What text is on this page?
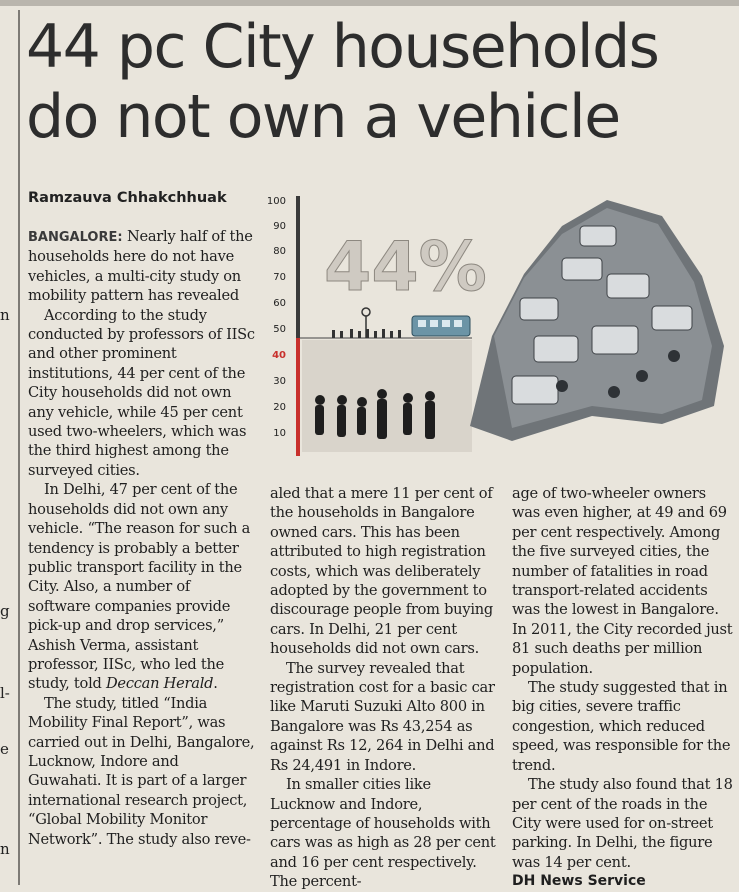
n
g
l-
e
n
44 pc City households
do not own a vehicle
Ramzauva Chhakchhuak	100
90
80
70
60
50
40
30
20
10
44%

BANGALORE: Nearly half of the households here do not have vehicles, a multi-city study on mobility pattern has revealed

According to the study conducted by professors of IISc and other prominent institutions, 44 per cent of the City households did not own any vehicle, while 45 per cent used two-wheelers, which was the third highest among the surveyed cities.

In Delhi, 47 per cent of the households did not own any vehicle. “The reason for such a tendency is probably a better public transport facility in the City. Also, a number of software companies provide pick-up and drop services,” Ashish Verma, assistant professor, IISc, who led the study, told Deccan Herald.

The study, titled “India Mobility Final Report”, was carried out in Delhi, Bangalore, Lucknow, Indore and Guwahati. It is part of a larger international research project, “Global Mobility Monitor Network”. The study also reve-

aled that a mere 11 per cent of the households in Bangalore owned cars. This has been attributed to high registration costs, which was deliberately adopted by the government to discourage people from buying cars. In Delhi, 21 per cent households did not own cars.

The survey revealed that registration cost for a basic car like Maruti Suzuki Alto 800 in Bangalore was Rs 43,254 as against Rs 12, 264 in Delhi and Rs 24,491 in Indore.

In smaller cities like Lucknow and Indore, percentage of households with cars was as high as 28 per cent and 16 per cent respectively. The percent-

age of two-wheeler owners was even higher, at 49 and 69 per cent respectively. Among the five surveyed cities, the number of fatalities in road transport-related accidents was the lowest in Bangalore. In 2011, the City recorded just 81 such deaths per million population.

The study suggested that in big cities, severe traffic congestion, which reduced speed, was responsible for the trend.

The study also found that 18 per cent of the roads in the City were used for on-street parking. In Delhi, the figure was 14 per cent.

DH News Service
